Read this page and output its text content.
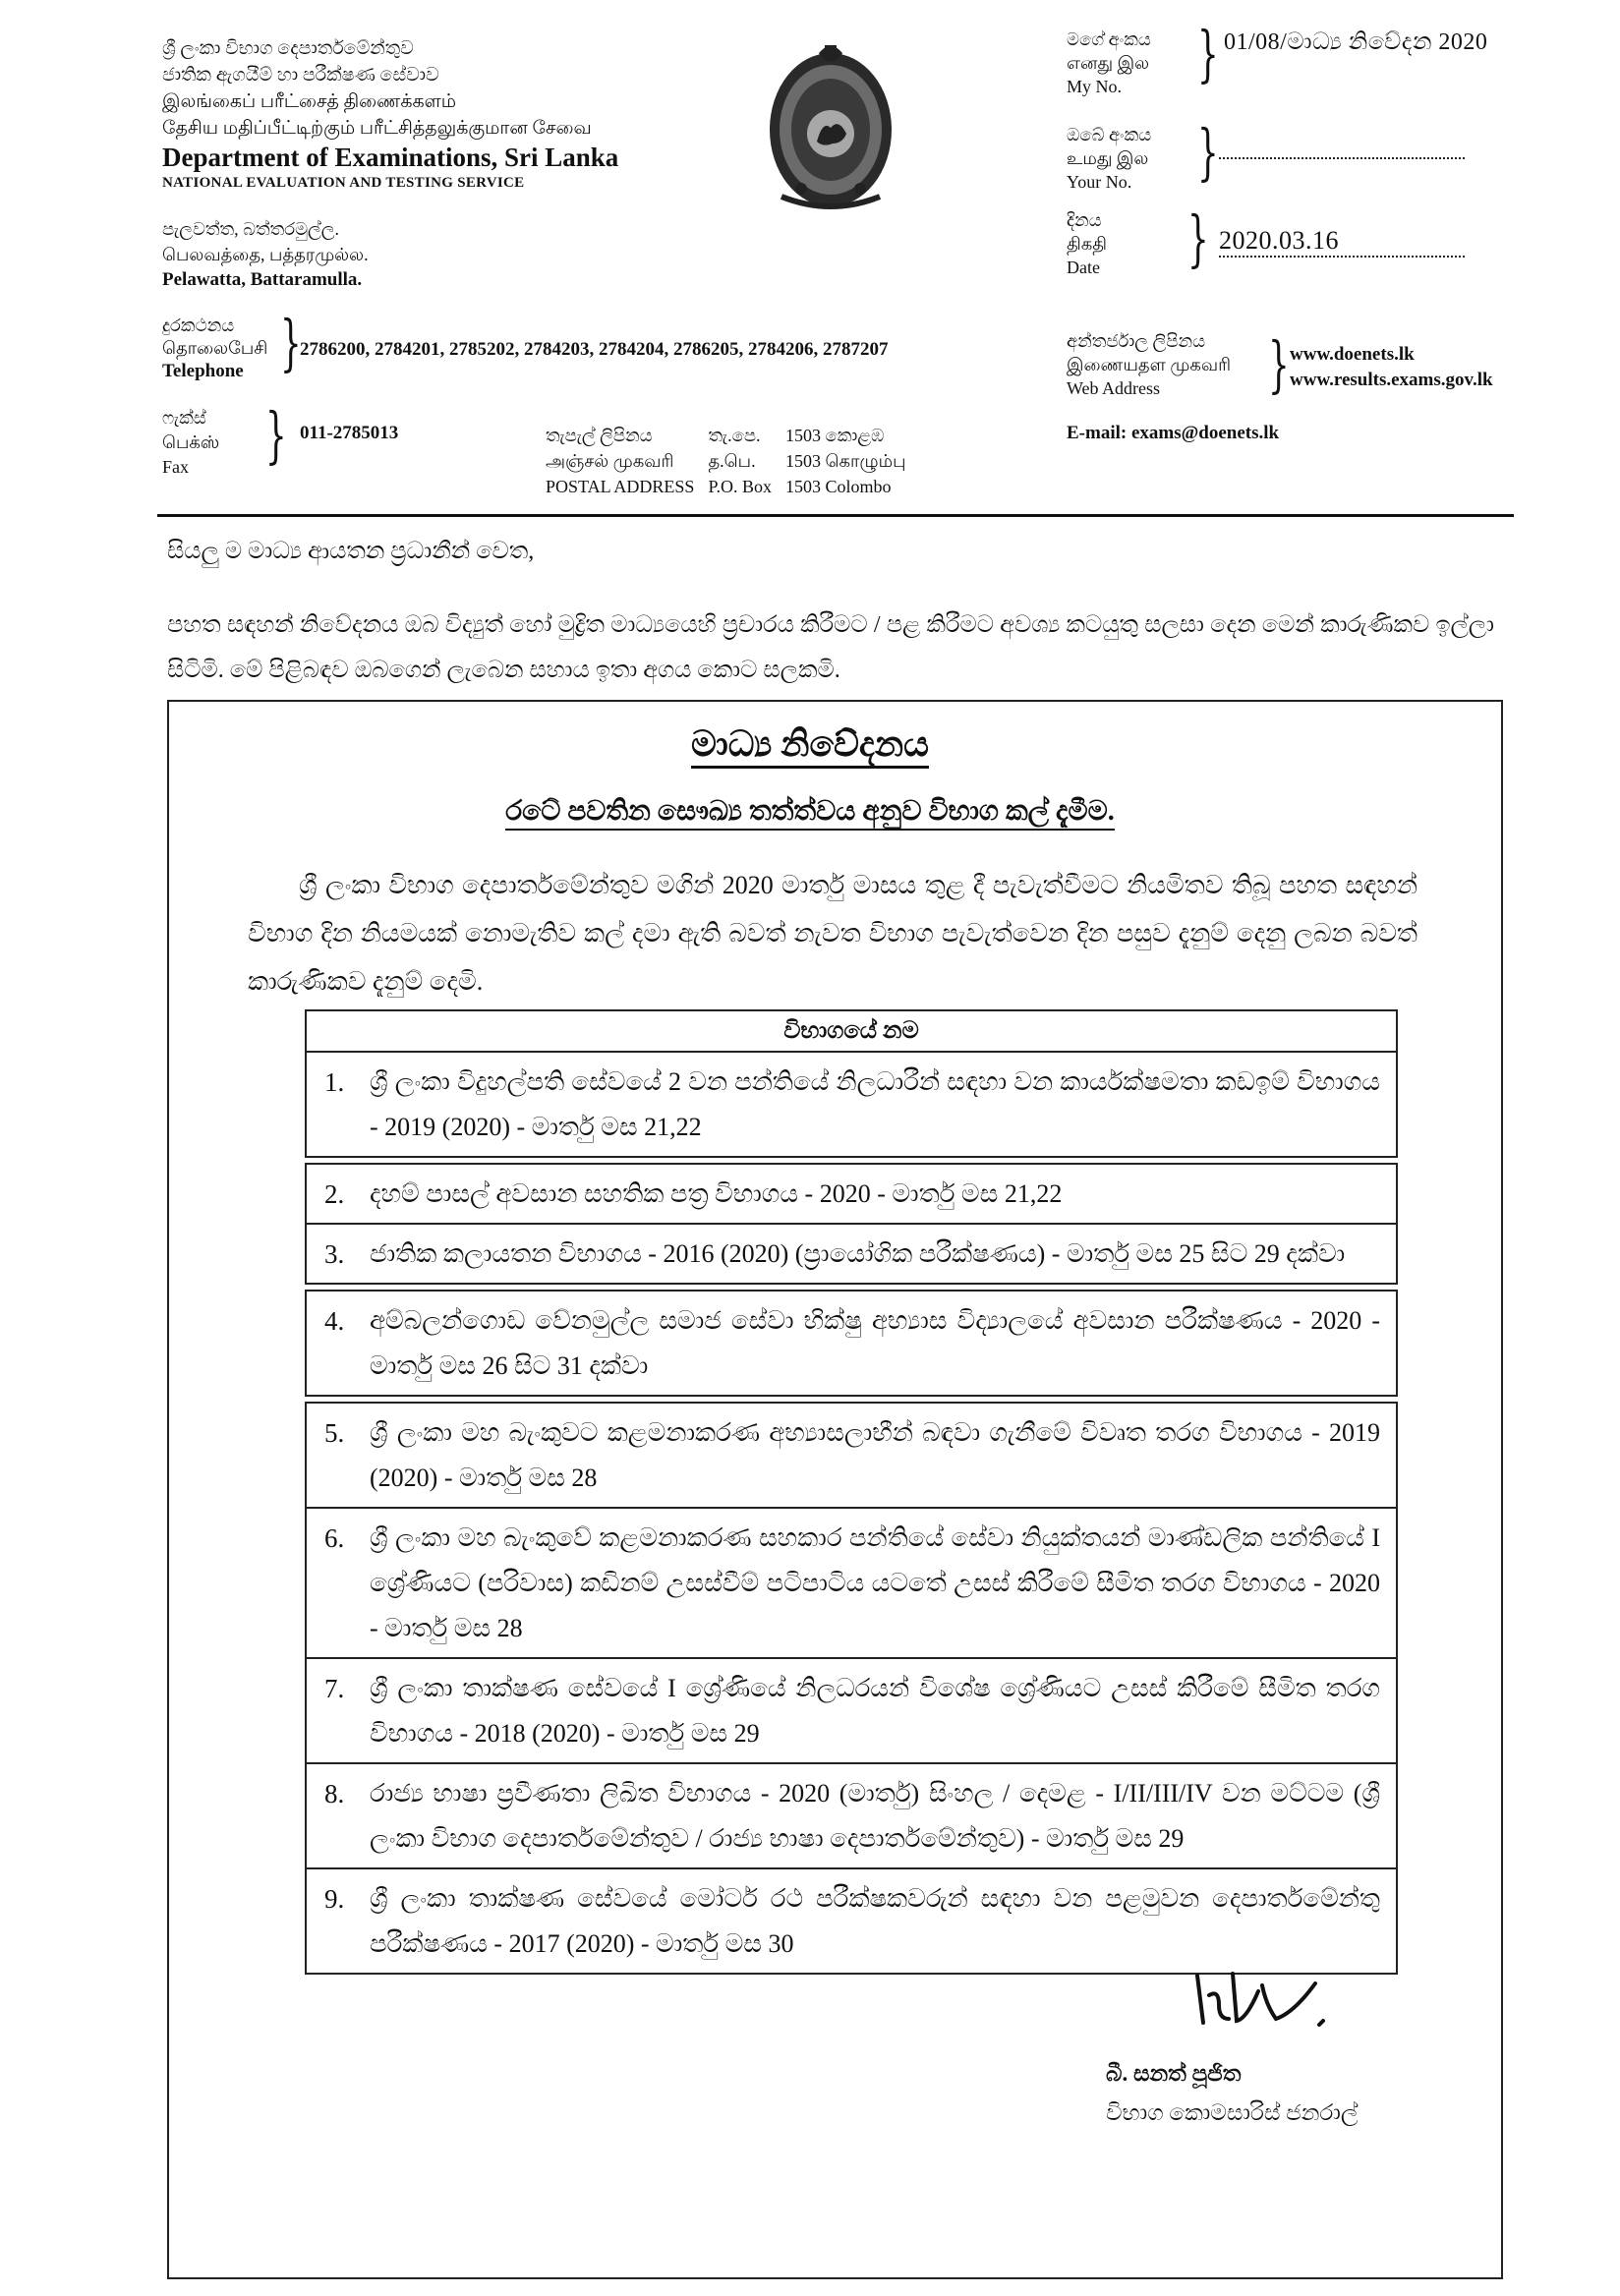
ශ්‍රී ලංකා විභාග දෙපාර්තමේන්තුව
ජාතික ඇගයීම් හා පරීක්ෂණ සේවාව
இலங்கைப் பரீட்சைத் திணைக்களம்
தேசிய மதிப்பீட்டிற்கும் பரீட்சித்தலுக்குமான சேவை
Department of Examinations, Sri Lanka
NATIONAL EVALUATION AND TESTING SERVICE
පැලවත්ත, බත්තරමුල්ල.
பெலவத்தை, பத்தரமுல்ல.
Pelawatta, Battaramulla.
මගේ අංකය
எனது இல
My No.	} 01/08/මාධ්‍ය නිවේදන 2020
ඔබේ අංකය
உமது இல
Your No.	}
දිනය
திகதி
Date } 2020.03.16
දුරකථනය
தொலைபேசி
Telephone }
2786200, 2784201, 2785202, 2784203, 2784204, 2786205, 2784206, 2787207
ෆැක්ස්
பெக்ஸ்
Fax	} 011-2785013	තැපැල් ලිපිනය	තැ.පෙ.	1503 කොළඹ
அஞ்சல் முகவரி	த.பெ.	1503 கொழும்பு
POSTAL ADDRESS	P.O. Box	1503 Colombo
අන්තර්ජාල ලිපිනය
இணையதள முகவரி
Web Address	} www.doenets.lk
www.results.exams.gov.lk
E-mail: exams@doenets.lk
සියලු ම මාධ්‍ය ආයතන ප්‍රධානීන් වෙත,
පහත සඳහන් නිවේදනය ඔබ විද්‍යුත් හෝ මුද්‍රිත මාධ්‍යයෙහි ප්‍රචාරය කිරීමට / පළ කිරීමට අවශ්‍ය කටයුතු සලසා දෙන මෙන් කාරුණිකව ඉල්ලා සිටිමි. මේ පිළිබඳව ඔබගෙන් ලැබෙන සහාය ඉතා අගය කොට සලකමි.
මාධ්‍ය නිවේදනය
රටේ පවතින සෞඛ්‍ය තත්ත්වය අනුව විභාග කල් දැමීම.
ශ්‍රී ලංකා විභාග දෙපාර්තමේන්තුව මගින් 2020 මාර්තු මාසය තුළ දී පැවැත්වීමට නියමිතව තිබූ පහත සඳහන් විභාග දින නියමයක් නොමැතිව කල් දමා ඇති බවත් නැවත විභාග පැවැත්වෙන දින පසුව දැනුම් දෙනු ලබන බවත් කාරුණිකව දැනුම් දෙමි.
විභාගයේ නම
1. ශ්‍රී ලංකා විදුහල්පති සේවයේ 2 වන පන්තියේ නිලධාරීන් සඳහා වන කාර්යක්ෂමතා කඩඉම් විභාගය - 2019 (2020) - මාර්තු මස 21,22
2. දහම් පාසල් අවසාන සහතික පත්‍ර විභාගය - 2020 - මාර්තු මස 21,22
3. ජාතික කලායතන විභාගය - 2016 (2020) (ප්‍රායෝගික පරීක්ෂණය) - මාර්තු මස 25 සිට 29 දක්වා
4. අම්බලන්ගොඩ වේනමුල්ල සමාජ සේවා භික්ෂු අභ්‍යාස විද්‍යාලයේ අවසාන පරීක්ෂණය - 2020 - මාර්තු මස 26 සිට 31 දක්වා
5. ශ්‍රී ලංකා මහ බැංකුවට කළමනාකරණ අභ්‍යාසලාභීන් බඳවා ගැනීමේ විවෘත තරග විභාගය - 2019 (2020) - මාර්තු මස 28
6. ශ්‍රී ලංකා මහ බැංකුවේ කළමනාකරණ සහකාර පන්තියේ සේවා නියුක්තයන් මාණ්ඩලික පන්තියේ I ශ්‍රේණියට (පරිවාස) කඩිනම් උසස්වීම් පටිපාටිය යටතේ උසස් කිරීමේ සීමිත තරග විභාගය - 2020 - මාර්තු මස 28
7. ශ්‍රී ලංකා තාක්ෂණ සේවයේ I ශ්‍රේණියේ නිලධරයන් විශේෂ ශ්‍රේණියට උසස් කිරීමේ සීමිත තරග විභාගය - 2018 (2020) - මාර්තු මස 29
8. රාජ්‍ය භාෂා ප්‍රවීණතා ලිඛිත විභාගය - 2020 (මාර්තු) සිංහල / දෙමළ - I/II/III/IV වන මට්ටම (ශ්‍රී ලංකා විභාග දෙපාර්තමේන්තුව / රාජ්‍ය භාෂා දෙපාර්තමේන්තුව) - මාර්තු මස 29
9. ශ්‍රී ලංකා තාක්ෂණ සේවයේ මෝටර් රථ පරීක්ෂකවරුන් සඳහා වන පළමුවන දෙපාර්තමේන්තු පරීක්ෂණය - 2017 (2020) - මාර්තු මස 30
බී. සනත් පූජිත
විභාග කොමසාරිස් ජනරාල්
